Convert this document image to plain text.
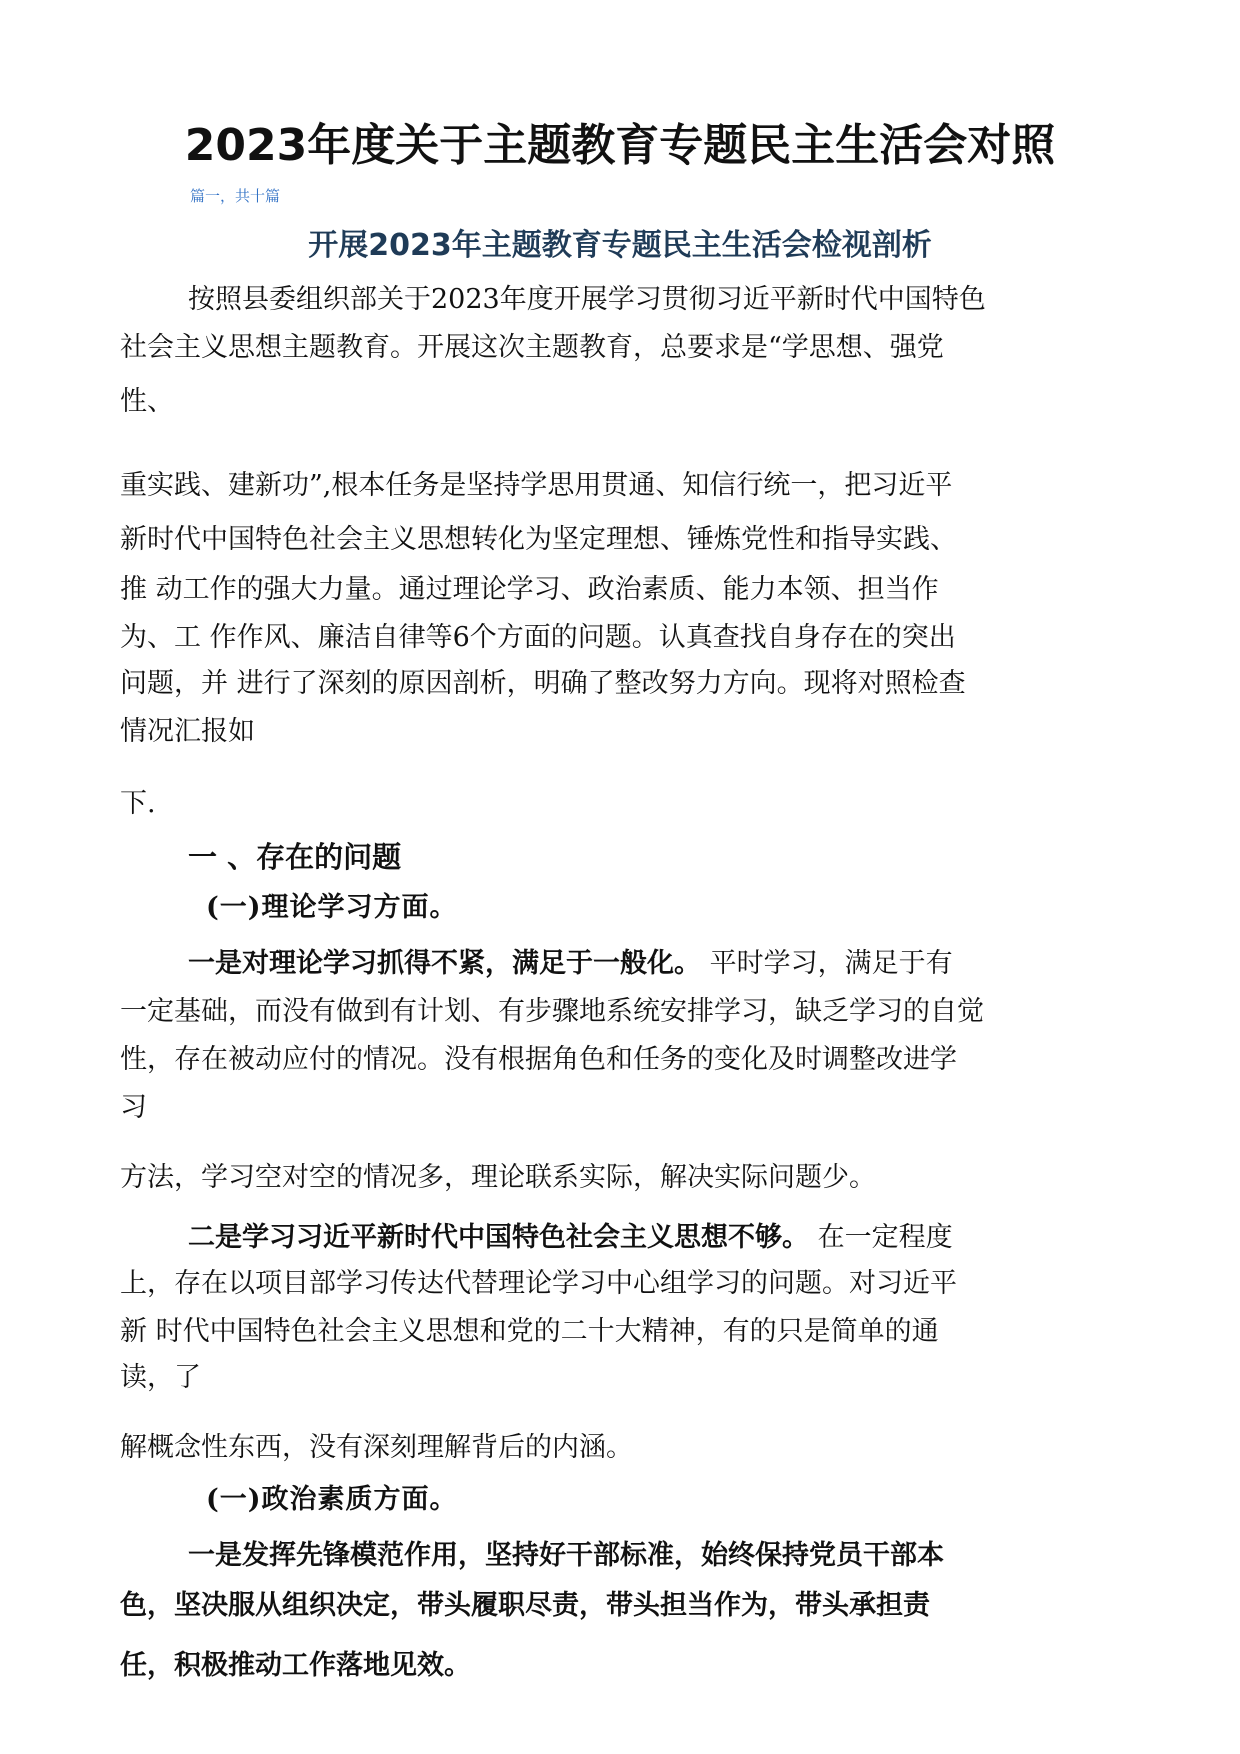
2023年度关于主题教育专题民主生活会对照
篇一，共十篇
开展2023年主题教育专题民主生活会检视剖析
按照县委组织部关于2023年度开展学习贯彻习近平新时代中国特色
社会主义思想主题教育。开展这次主题教育，总要求是“学思想、强党
性、
重实践、建新功”,根本任务是坚持学思用贯通、知信行统一，把习近平
新时代中国特色社会主义思想转化为坚定理想、锤炼党性和指导实践、
推 动工作的强大力量。通过理论学习、政治素质、能力本领、担当作
为、工 作作风、廉洁自律等6个方面的问题。认真查找自身存在的突出
问题，并 进行了深刻的原因剖析，明确了整改努力方向。现将对照检查
情况汇报如
下.
一 、存在的问题
(一)理论学习方面。
一是对理论学习抓得不紧，满足于一般化。 平时学习，满足于有
一定基础，而没有做到有计划、有步骤地系统安排学习，缺乏学习的自觉
性，存在被动应付的情况。没有根据角色和任务的变化及时调整改进学
习
方法，学习空对空的情况多，理论联系实际，解决实际问题少。
二是学习习近平新时代中国特色社会主义思想不够。 在一定程度
上，存在以项目部学习传达代替理论学习中心组学习的问题。对习近平
新 时代中国特色社会主义思想和党的二十大精神，有的只是简单的通
读，了
解概念性东西，没有深刻理解背后的内涵。
(一)政治素质方面。
一是发挥先锋模范作用，坚持好干部标准，始终保持党员干部本
色，坚决服从组织决定，带头履职尽责，带头担当作为，带头承担责
任，积极推动工作落地见效。
